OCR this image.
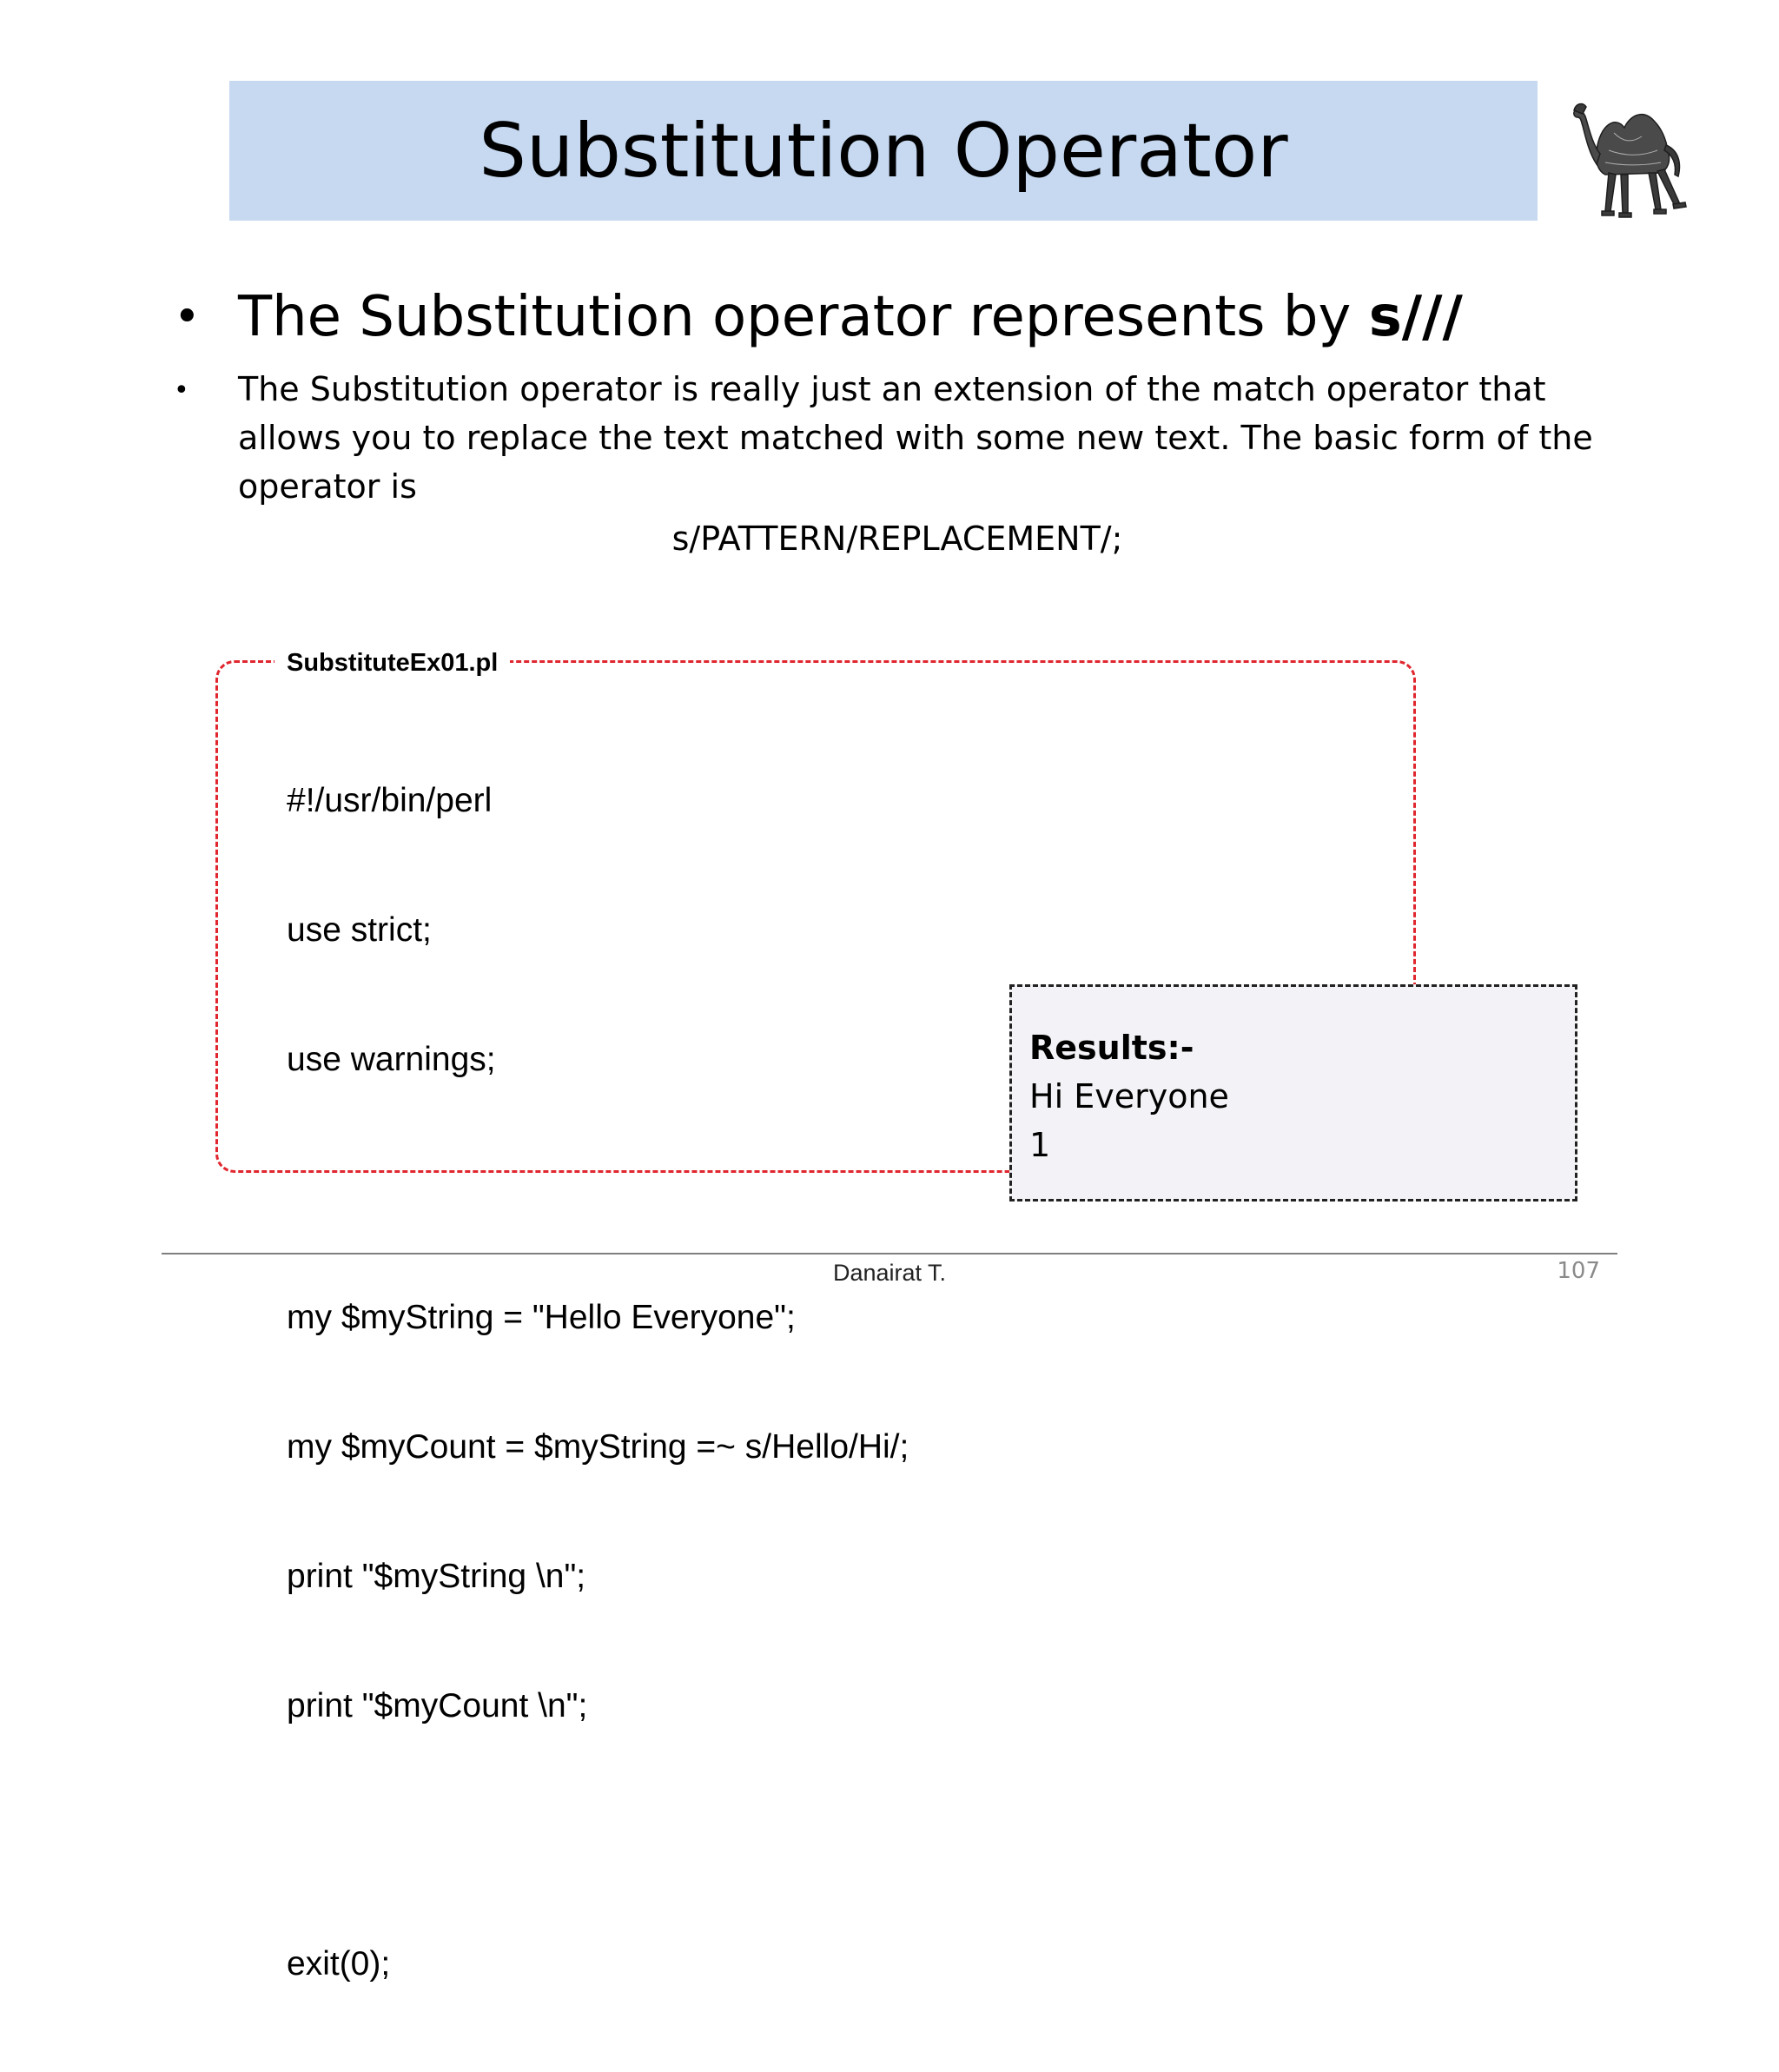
Substitution Operator
• The Substitution operator represents by s///
•	The Substitution operator is really just an extension of the match operator that allows you to replace the text matched with some new text. The basic form of the operator is
s/PATTERN/REPLACEMENT/;
SubstituteEx01.pl

#!/usr/bin/perl

use strict;

use warnings;

my $myString = "Hello Everyone";

my $myCount = $myString =~ s/Hello/Hi/;

print "$myString \n";

print "$myCount \n";

exit(0);

Results:-
Hi Everyone
1
Danairat T.	107
